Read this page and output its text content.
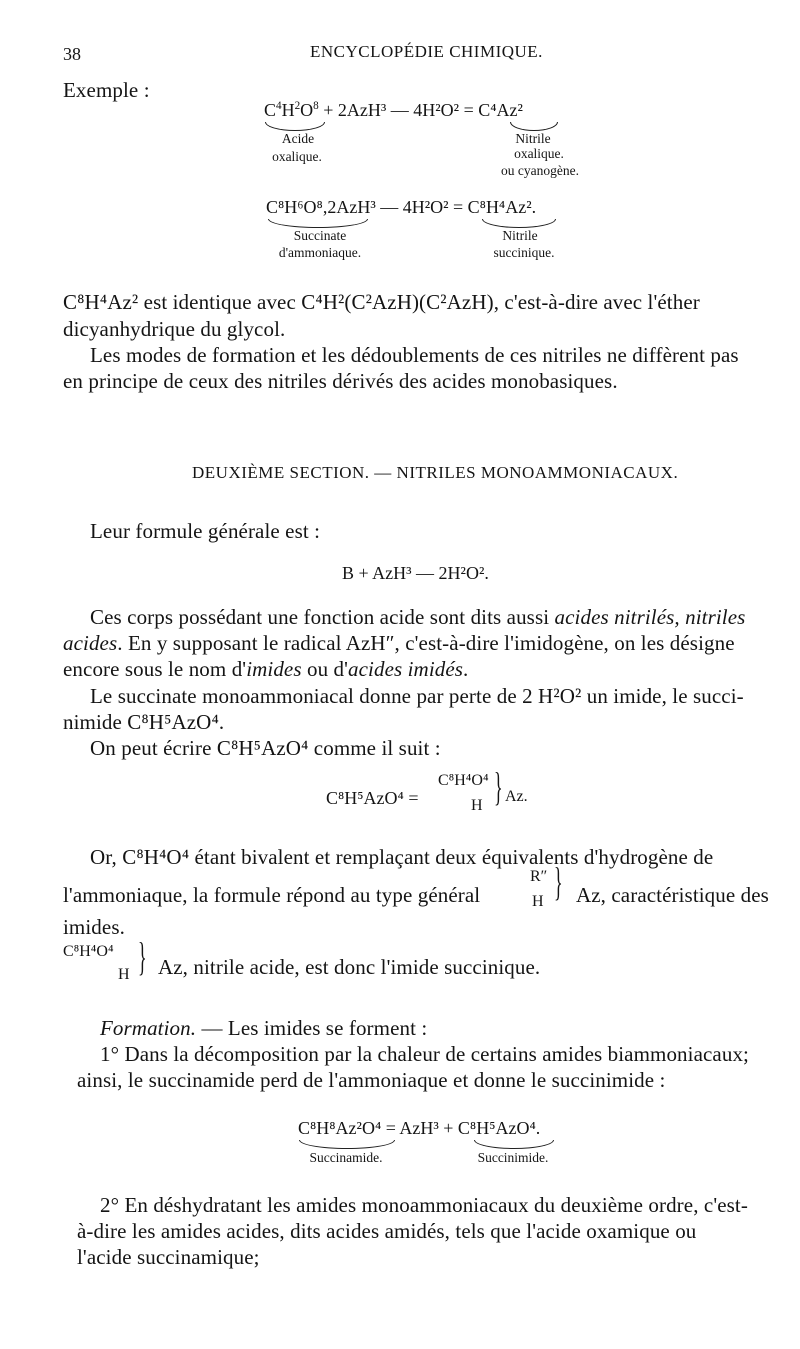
38	ENCYCLOPÉDIE CHIMIQUE.
Exemple :
$C^4H^2O^8 + 2AzH^3$ — 4H²O² = C⁴Az²
Acide
oxalique.
Nitrile
oxalique.
ou cyanogène.
C⁸H⁶O⁸,2AzH³ — 4H²O² = C⁸H⁴Az².
Succinate
d'ammoniaque.
Nitrile
succinique.
C⁸H⁴Az² est identique avec C⁴H²(C²AzH)(C²AzH), c'est-à-dire avec l'éther
dicyanhydrique du glycol.
Les modes de formation et les dédoublements de ces nitriles ne diffèrent pas
en principe de ceux des nitriles dérivés des acides monobasiques.
DEUXIÈME SECTION. — NITRILES MONOAMMONIACAUX.
Leur formule générale est :
B + AzH³ — 2H²O².
Ces corps possédant une fonction acide sont dits aussi acides nitrilés, nitriles
acides. En y supposant le radical AzH″, c'est-à-dire l'imidogène, on les désigne
encore sous le nom d'imides ou d'acides imidés.
Le succinate monoammoniacal donne par perte de 2 H²O² un imide, le succi-
nimide C⁸H⁵AzO⁴.
On peut écrire C⁸H⁵AzO⁴ comme il suit :
C⁸H⁵AzO⁴ =
C⁸H⁴O⁴
H } Az.
Or, C⁸H⁴O⁴ étant bivalent et remplaçant deux équivalents d'hydrogène de
l'ammoniaque, la formule répond au type général
R″
H } Az, caractéristique des
imides.
C⁸H⁴O⁴
H } Az, nitrile acide, est donc l'imide succinique.
Formation. — Les imides se forment :
1° Dans la décomposition par la chaleur de certains amides biammoniacaux;
ainsi, le succinamide perd de l'ammoniaque et donne le succinimide :
C⁸H⁸Az²O⁴ = AzH³ + C⁸H⁵AzO⁴.
Succinamide.	Succinimide.
2° En déshydratant les amides monoammoniacaux du deuxième ordre, c'est-
à-dire les amides acides, dits acides amidés, tels que l'acide oxamique ou
l'acide succinamique;
